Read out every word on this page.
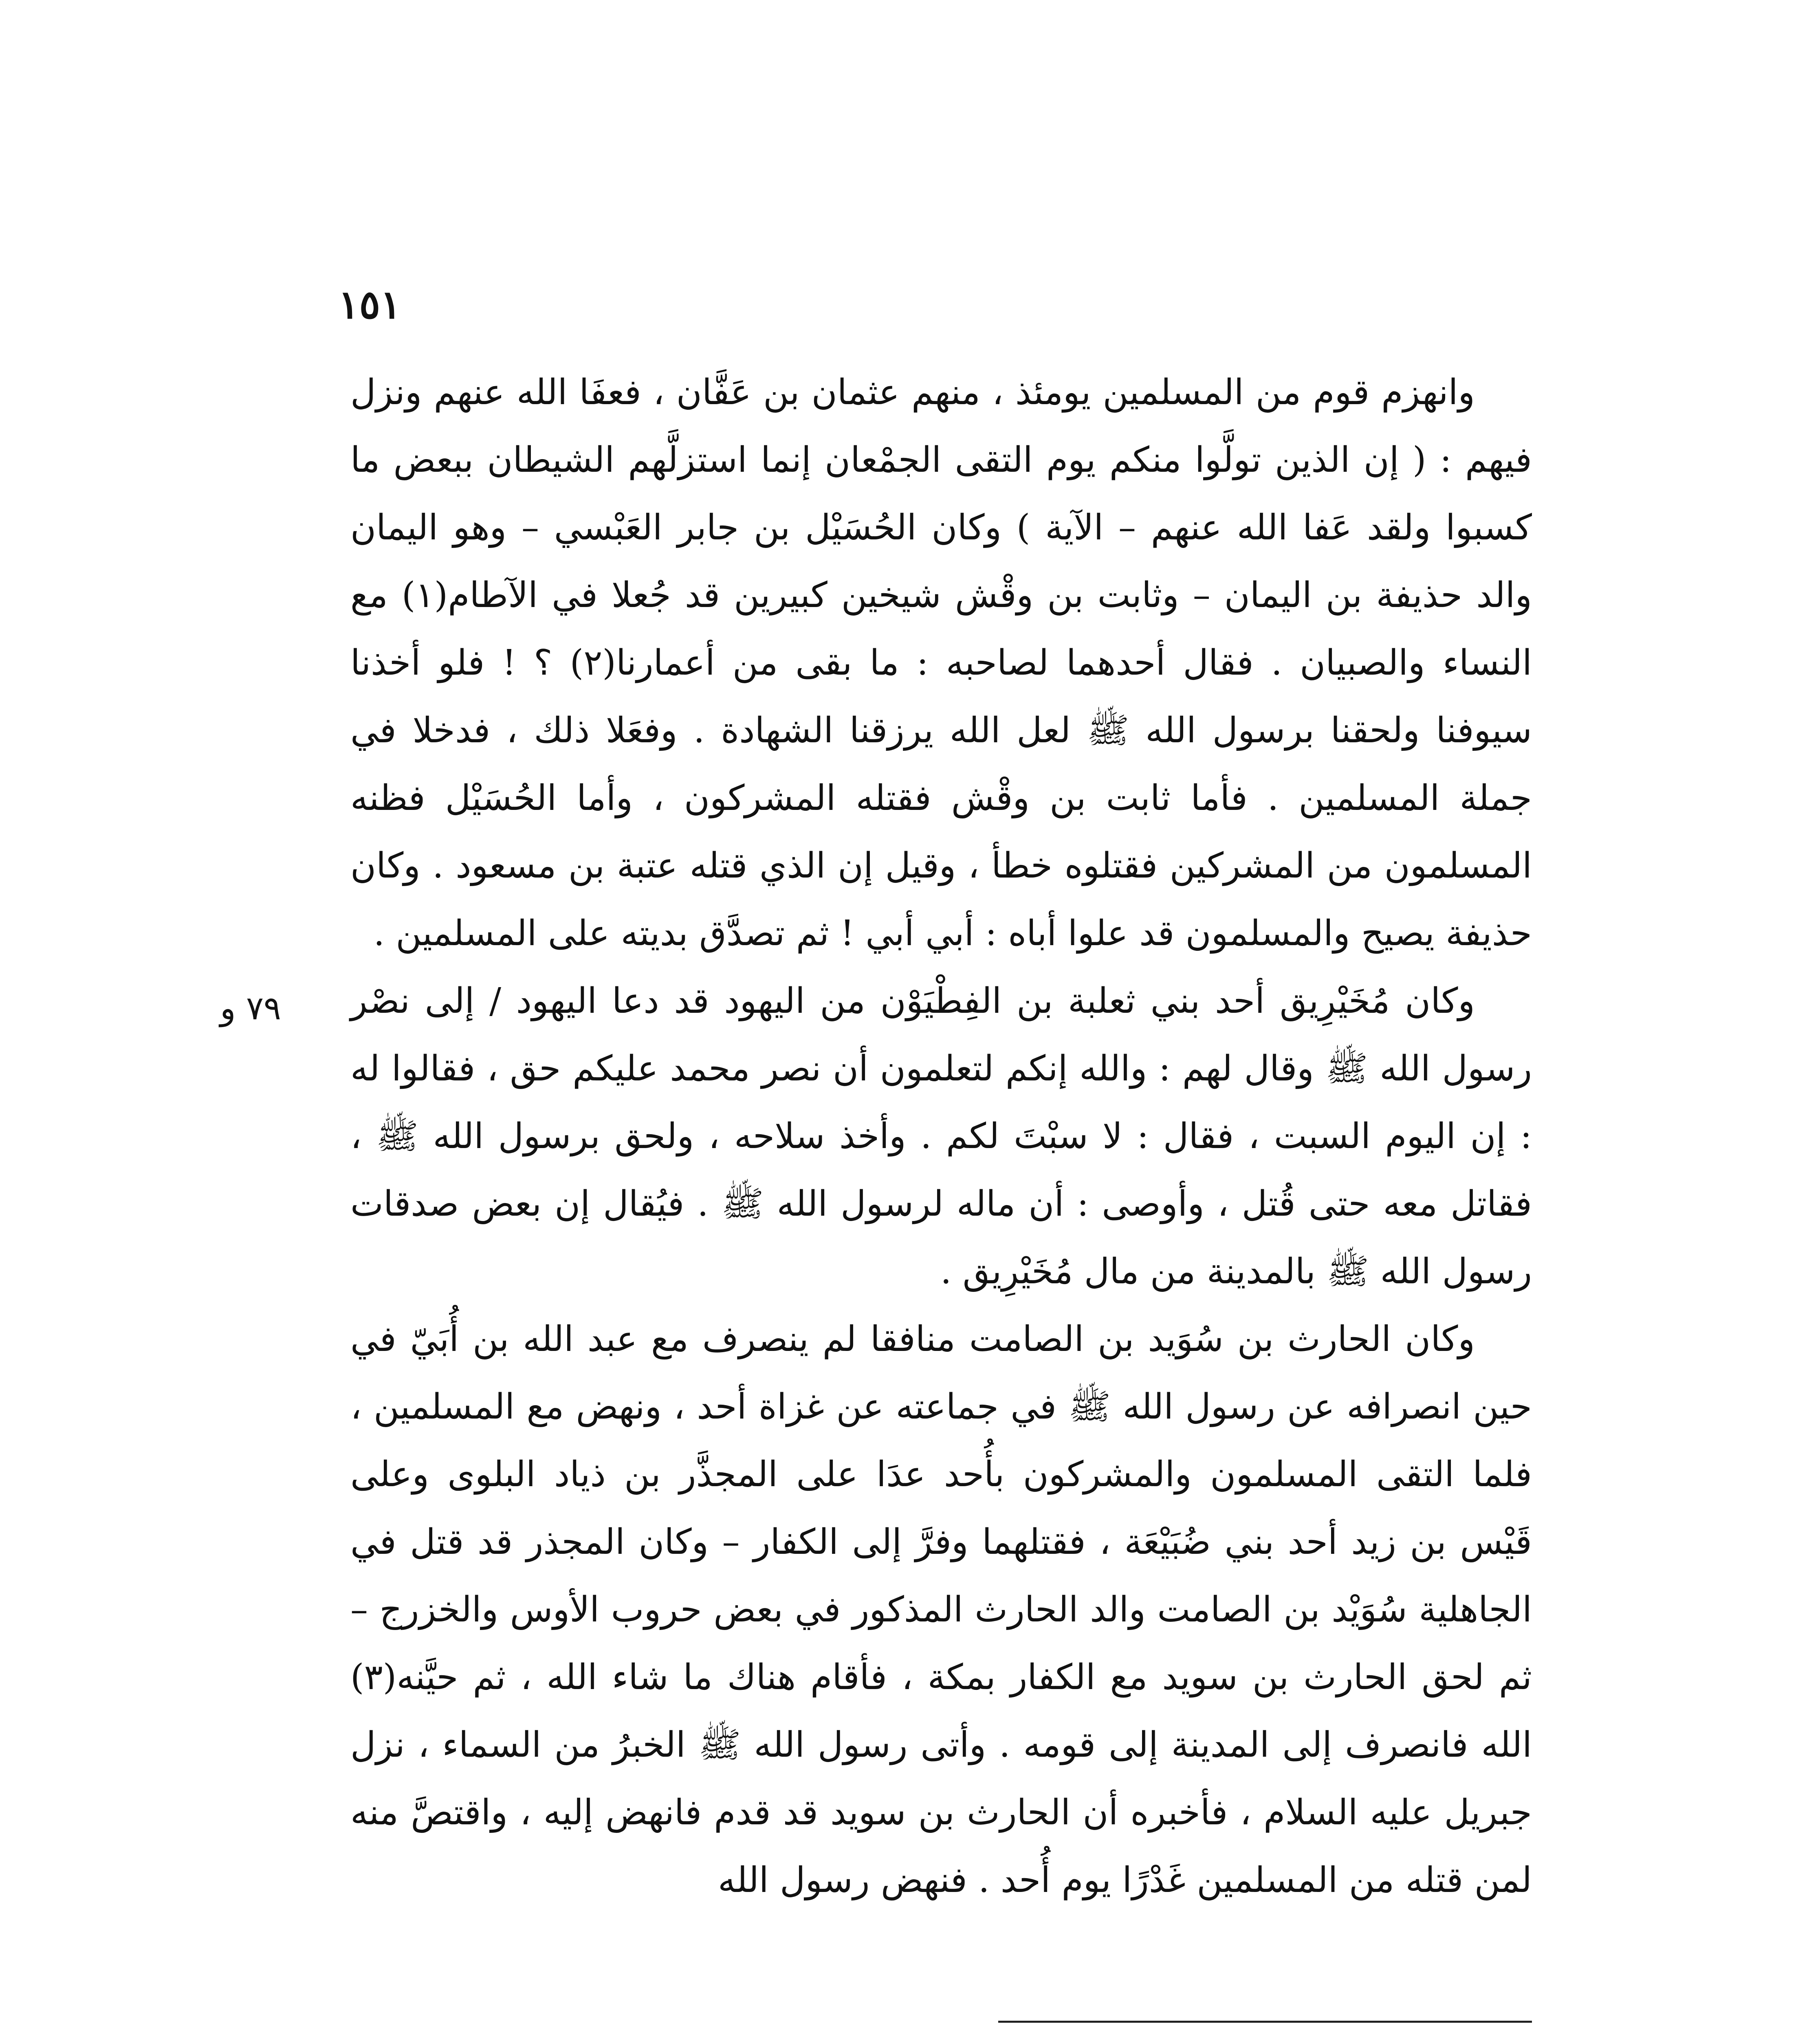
١٥١
٧٩ و

وانهزم قوم من المسلمين يومئذ ، منهم عثمان بن عَفَّان ، فعفَا الله عنهم ونزل فيهم : ( إن الذين تولَّوا منكم يوم التقى الجمْعان إنما استزلَّهم الشيطان ببعض ما كسبوا ولقد عَفا الله عنهم – الآية ) وكان الحُسَيْل بن جابر العَبْسي – وهو اليمان والد حذيفة بن اليمان – وثابت بن وقْش شيخين كبيرين قد جُعلا في الآطام(١) مع النساء والصبيان . فقال أحدهما لصاحبه : ما بقى من أعمارنا(٢) ؟ ! فلو أخذنا سيوفنا ولحقنا برسول الله ﷺ لعل الله يرزقنا الشهادة . وفعَلا ذلك ، فدخلا في جملة المسلمين . فأما ثابت بن وقْش فقتله المشركون ، وأما الحُسَيْل فظنه المسلمون من المشركين فقتلوه خطأ ، وقيل إن الذي قتله عتبة بن مسعود . وكان حذيفة يصيح والمسلمون قد علوا أباه : أبي أبي ! ثم تصدَّق بديته على المسلمين .

وكان مُخَيْرِيق أحد بني ثعلبة بن الفِطْيَوْن من اليهود قد دعا اليهود / إلى نصْر رسول الله ﷺ وقال لهم : والله إنكم لتعلمون أن نصر محمد عليكم حق ، فقالوا له : إن اليوم السبت ، فقال : لا سبْتَ لكم . وأخذ سلاحه ، ولحق برسول الله ﷺ ، فقاتل معه حتى قُتل ، وأوصى : أن ماله لرسول الله ﷺ . فيُقال إن بعض صدقات رسول الله ﷺ بالمدينة من مال مُخَيْرِيق .

وكان الحارث بن سُوَيد بن الصامت منافقا لم ينصرف مع عبد الله بن أُبَيّ في حين انصرافه عن رسول الله ﷺ في جماعته عن غزاة أحد ، ونهض مع المسلمين ، فلما التقى المسلمون والمشركون بأُحد عدَا على المجذَّر بن ذياد البلوى وعلى قَيْس بن زيد أحد بني ضُبَيْعَة ، فقتلهما وفرَّ إلى الكفار – وكان المجذر قد قتل في الجاهلية سُوَيْد بن الصامت والد الحارث المذكور في بعض حروب الأوس والخزرج – ثم لحق الحارث بن سويد مع الكفار بمكة ، فأقام هناك ما شاء الله ، ثم حيَّنه(٣) الله فانصرف إلى المدينة إلى قومه . وأتى رسول الله ﷺ الخبرُ من السماء ، نزل جبريل عليه السلام ، فأخبره أن الحارث بن سويد قد قدم فانهض إليه ، واقتصَّ منه لمن قتله من المسلمين غَدْرًا يوم أُحد . فنهض رسول الله
